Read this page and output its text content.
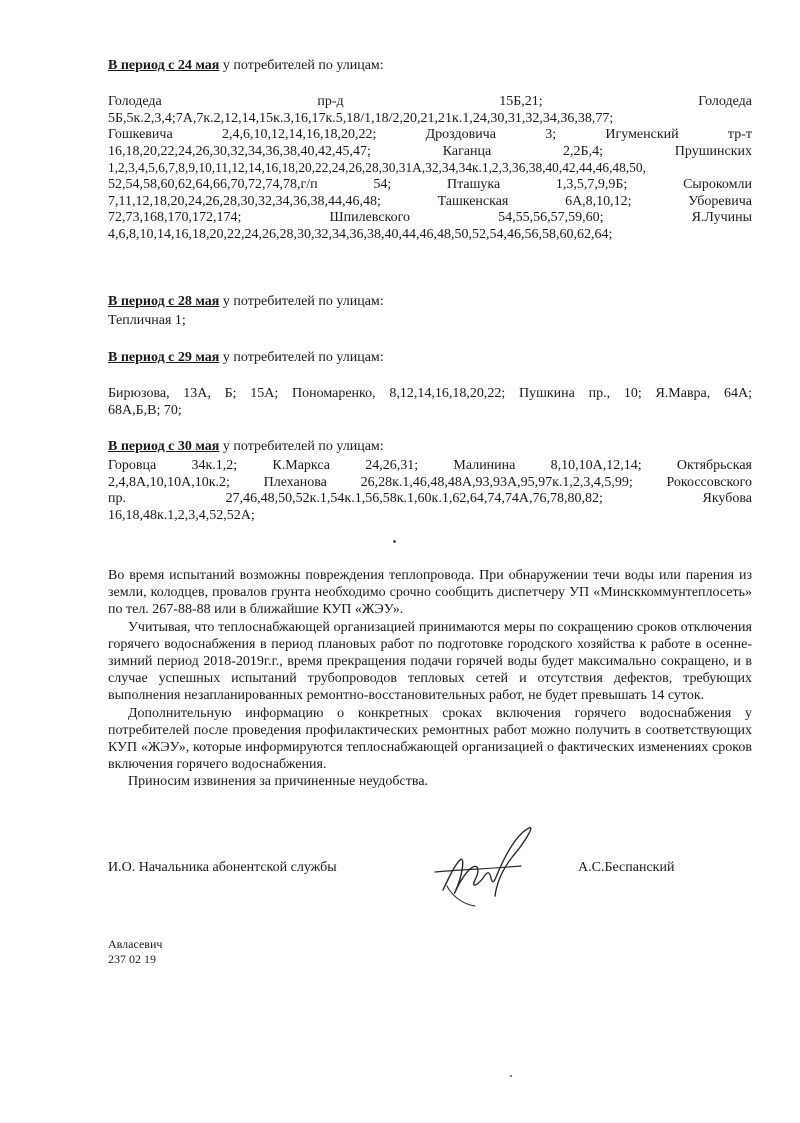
В период с 24 мая у потребителей по улицам:
Голодеда пр-д 15Б,21; Голодеда
5Б,5к.2,3,4;7А,7к.2,12,14,15к.3,16,17к.5,18/1,18/2,20,21,21к.1,24,30,31,32,34,36,38,77;
Гошкевича 2,4,6,10,12,14,16,18,20,22; Дроздовича 3; Игуменский тр-т
16,18,20,22,24,26,30,32,34,36,38,40,42,45,47; Каганца 2,2Б,4; Прушинских
1,2,3,4,5,6,7,8,9,10,11,12,14,16,18,20,22,24,26,28,30,31А,32,34,34к.1,2,3,36,38,40,42,44,46,48,50,
52,54,58,60,62,64,66,70,72,74,78,г/п 54; Пташука 1,3,5,7,9,9Б; Сырокомли
7,11,12,18,20,24,26,28,30,32,34,36,38,44,46,48; Ташкенская 6А,8,10,12; Уборевича
72,73,168,170,172,174; Шпилевского 54,55,56,57,59,60; Я.Лучины
4,6,8,10,14,16,18,20,22,24,26,28,30,32,34,36,38,40,44,46,48,50,52,54,46,56,58,60,62,64;
В период с 28 мая у потребителей по улицам:
Тепличная 1;
В период с 29 мая у потребителей по улицам:
Бирюзова, 13А, Б; 15А; Пономаренко, 8,12,14,16,18,20,22; Пушкина пр., 10; Я.Мавра, 64А;
68А,Б,В; 70;
В период с 30 мая у потребителей по улицам:
Горовца 34к.1,2; К.Маркса 24,26,31; Малинина 8,10,10А,12,14; Октябрьская
2,4,8А,10,10А,10к.2; Плеханова 26,28к.1,46,48,48А,93,93А,95,97к.1,2,3,4,5,99; Рокоссовского
пр. 27,46,48,50,52к.1,54к.1,56,58к.1,60к.1,62,64,74,74А,76,78,80,82; Якубова
16,18,48к.1,2,3,4,52,52А;

Во время испытаний возможны повреждения теплопровода. При обнаружении течи воды или парения из земли, колодцев, провалов грунта необходимо срочно сообщить диспетчеру УП «Минсккоммунтеплосеть» по тел. 267-88-88 или в ближайшие КУП «ЖЭУ».

Учитывая, что теплоснабжающей организацией принимаются меры по сокращению сроков отключения горячего водоснабжения в период плановых работ по подготовке городского хозяйства к работе в осенне-зимний период 2018-2019г.г., время прекращения подачи горячей воды будет максимально сокращено, и в случае успешных испытаний трубопроводов тепловых сетей и отсутствия дефектов, требующих выполнения незапланированных ремонтно-восстановительных работ, не будет превышать 14 суток.

Дополнительную информацию о конкретных сроках включения горячего водоснабжения у потребителей после проведения профилактических ремонтных работ можно получить в соответствующих КУП «ЖЭУ», которые информируются теплоснабжающей организацией о фактических изменениях сроков включения горячего водоснабжения.

Приносим извинения за причиненные неудобства.

И.О. Начальника абонентской службы	А.С.Беспанский
Авласевич
237 02 19
